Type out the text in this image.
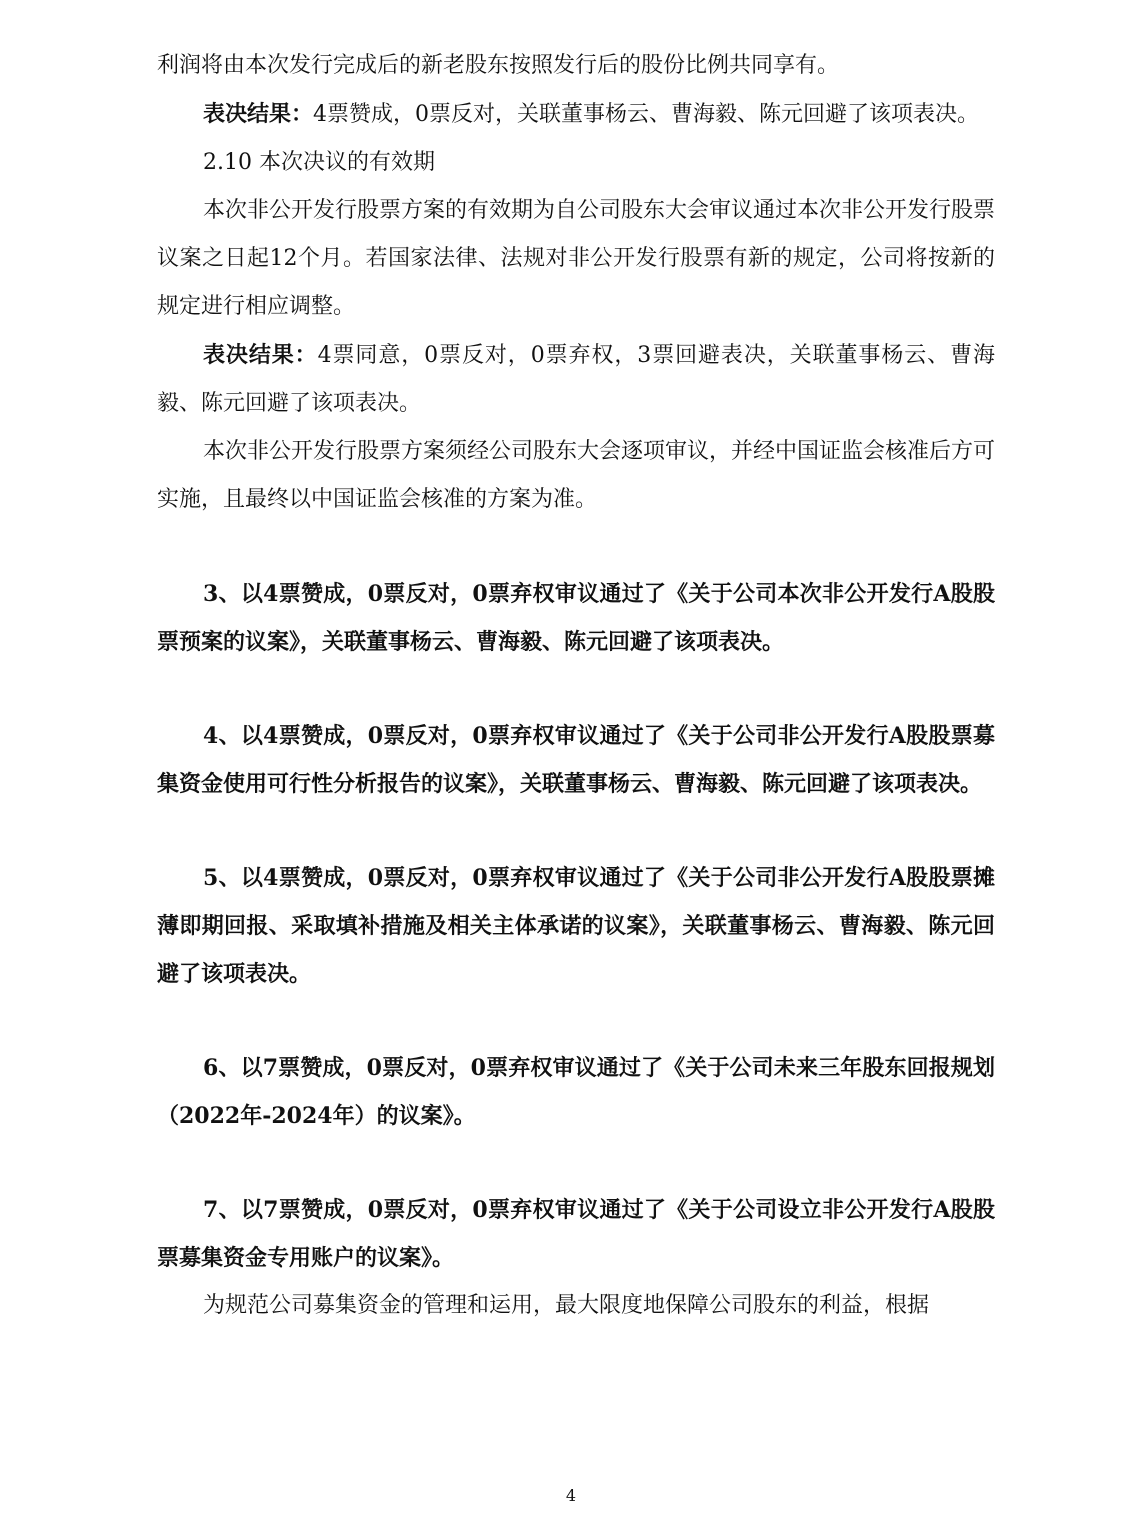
利润将由本次发行完成后的新老股东按照发行后的股份比例共同享有。

表决结果：4票赞成，0票反对，关联董事杨云、曹海毅、陈元回避了该项表决。

2.10 本次决议的有效期

本次非公开发行股票方案的有效期为自公司股东大会审议通过本次非公开发行股票议案之日起12个月。若国家法律、法规对非公开发行股票有新的规定，公司将按新的规定进行相应调整。

表决结果：4票同意，0票反对，0票弃权，3票回避表决，关联董事杨云、曹海毅、陈元回避了该项表决。

本次非公开发行股票方案须经公司股东大会逐项审议，并经中国证监会核准后方可实施，且最终以中国证监会核准的方案为准。

3、以4票赞成，0票反对，0票弃权审议通过了《关于公司本次非公开发行A股股票预案的议案》，关联董事杨云、曹海毅、陈元回避了该项表决。

4、以4票赞成，0票反对，0票弃权审议通过了《关于公司非公开发行A股股票募集资金使用可行性分析报告的议案》，关联董事杨云、曹海毅、陈元回避了该项表决。

5、以4票赞成，0票反对，0票弃权审议通过了《关于公司非公开发行A股股票摊薄即期回报、采取填补措施及相关主体承诺的议案》，关联董事杨云、曹海毅、陈元回避了该项表决。

6、以7票赞成，0票反对，0票弃权审议通过了《关于公司未来三年股东回报规划（2022年-2024年）的议案》。

7、以7票赞成，0票反对，0票弃权审议通过了《关于公司设立非公开发行A股股票募集资金专用账户的议案》。

为规范公司募集资金的管理和运用，最大限度地保障公司股东的利益，根据

4
